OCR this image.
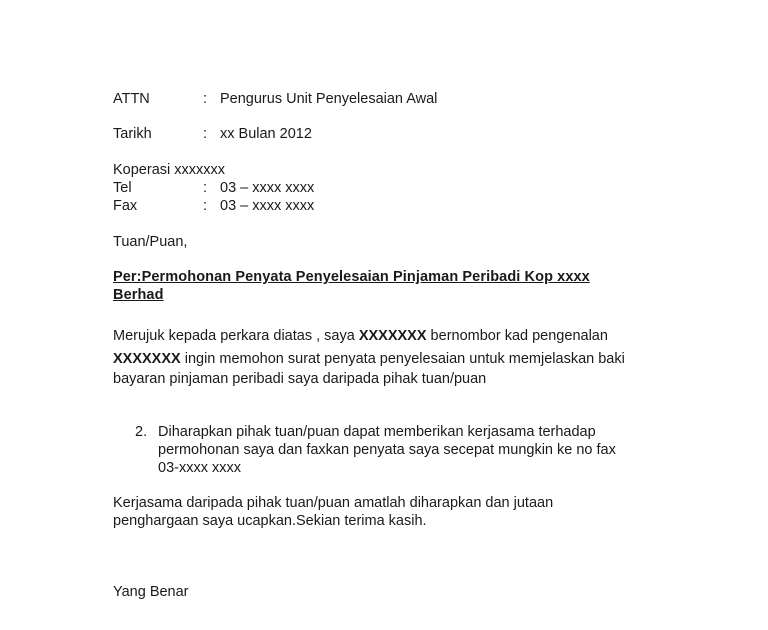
ATTN	: Pengurus Unit Penyelesaian Awal
Tarikh	: xx Bulan 2012
Koperasi xxxxxxx
Tel	: 03 – xxxx xxxx
Fax	: 03 – xxxx xxxx
Tuan/Puan,
Per:Permohonan Penyata Penyelesaian Pinjaman Peribadi Kop xxxx
Berhad
Merujuk kepada perkara diatas , saya XXXXXXX bernombor kad pengenalan
XXXXXXX ingin memohon surat penyata penyelesaian untuk memjelaskan baki
bayaran pinjaman peribadi saya daripada pihak tuan/puan
2. Diharapkan pihak tuan/puan dapat memberikan kerjasama terhadap
permohonan saya dan faxkan penyata saya secepat mungkin ke no fax
03-xxxx xxxx
Kerjasama daripada pihak tuan/puan amatlah diharapkan dan jutaan
penghargaan saya ucapkan.Sekian terima kasih.
Yang Benar
